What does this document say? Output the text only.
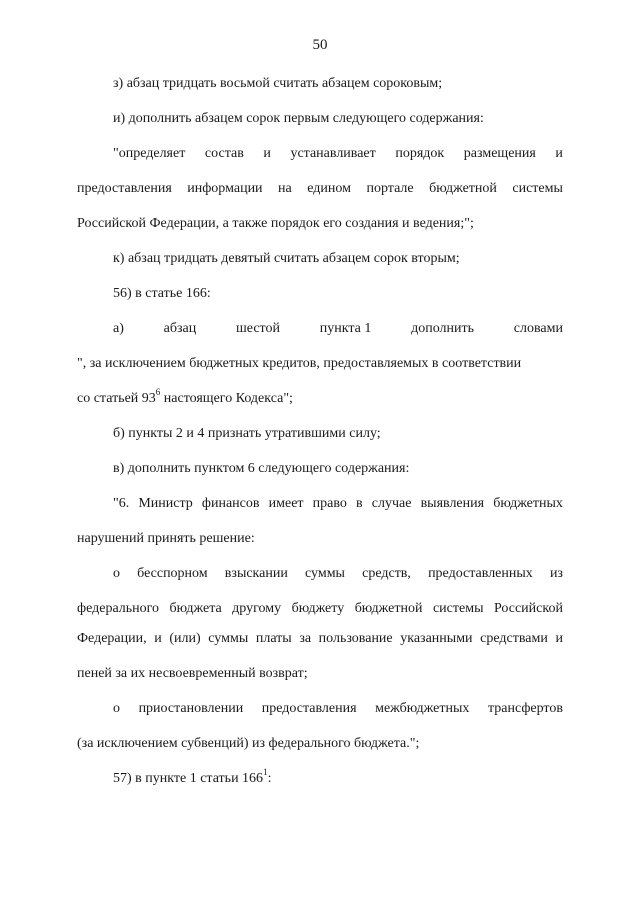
50
з) абзац тридцать восьмой считать абзацем сороковым;
и) дополнить абзацем сорок первым следующего содержания:
"определяет состав и устанавливает порядок размещения и
предоставления информации на едином портале бюджетной системы
Российской Федерации, а также порядок его создания и ведения;";
к) абзац тридцать девятый считать абзацем сорок вторым;
56) в статье 166:
а)	абзац	шестой	пункта 1	дополнить	словами
", за исключением бюджетных кредитов, предоставляемых в соответствии
со статьей $93^6$ настоящего Кодекса";
б) пункты 2 и 4 признать утратившими силу;
в) дополнить пунктом 6 следующего содержания:
"6. Министр финансов имеет право в случае выявления бюджетных
нарушений принять решение:
о бесспорном взыскании суммы средств, предоставленных из
федерального бюджета другому бюджету бюджетной системы Российской
Федерации, и (или) суммы платы за пользование указанными средствами и
пеней за их несвоевременный возврат;
о приостановлении предоставления межбюджетных трансфертов
(за исключением субвенций) из федерального бюджета.";
57) в пункте 1 статьи $166^1$:
